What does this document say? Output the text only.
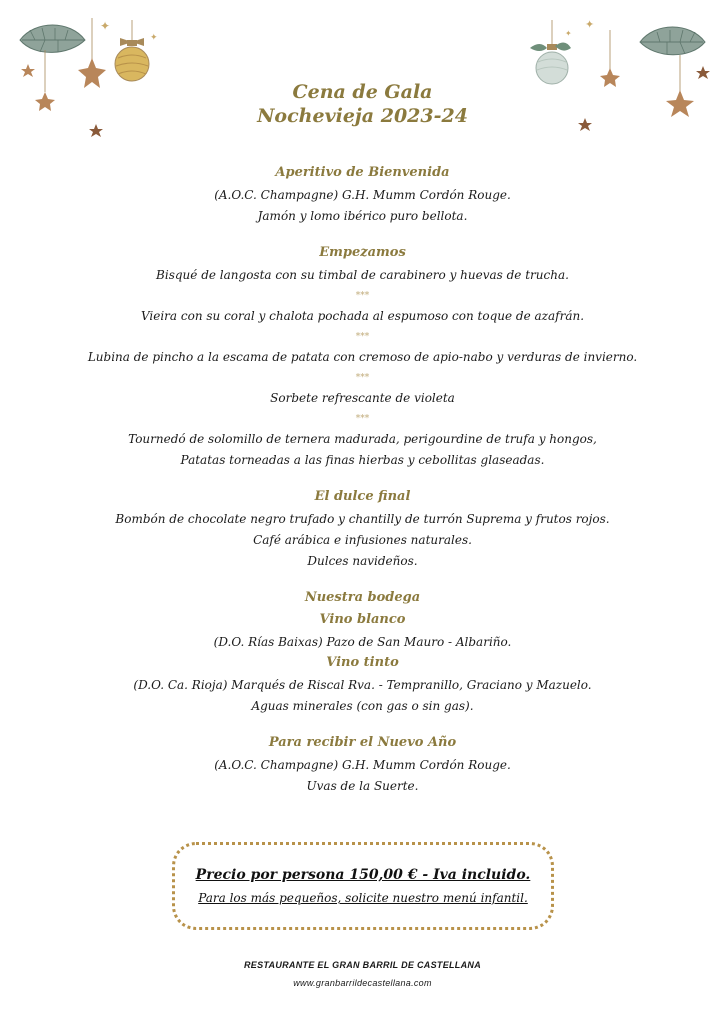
✦
✦
✦
✦
Cena de Gala
Nochevieja 2023-24
Aperitivo de Bienvenida
(A.O.C. Champagne) G.H. Mumm Cordón Rouge.
Jamón y lomo ibérico puro bellota.
Empezamos
Bisqué de langosta con su timbal de carabinero y huevas de trucha.
***
Vieira con su coral y chalota pochada al espumoso con toque de azafrán.
***
Lubina de pincho a la escama de patata con cremoso de apio-nabo y verduras de invierno.
***
Sorbete refrescante de violeta
***
Tournedó de solomillo de ternera madurada, perigourdine de trufa y hongos,
Patatas torneadas a las finas hierbas y cebollitas glaseadas.
El dulce final
Bombón de chocolate negro trufado y chantilly de turrón Suprema y frutos rojos.
Café arábica e infusiones naturales.
Dulces navideños.
Nuestra bodega
Vino blanco
(D.O. Rías Baixas) Pazo de San Mauro - Albariño.
Vino tinto
(D.O. Ca. Rioja) Marqués de Riscal Rva. - Tempranillo, Graciano y Mazuelo.
Aguas minerales (con gas o sin gas).
Para recibir el Nuevo Año
(A.O.C. Champagne) G.H. Mumm Cordón Rouge.
Uvas de la Suerte.
Precio por persona 150,00 € - Iva incluido.
Para los más pequeños, solicite nuestro menú infantil.
RESTAURANTE EL GRAN BARRIL DE CASTELLANA
www.granbarrildecastellana.com
